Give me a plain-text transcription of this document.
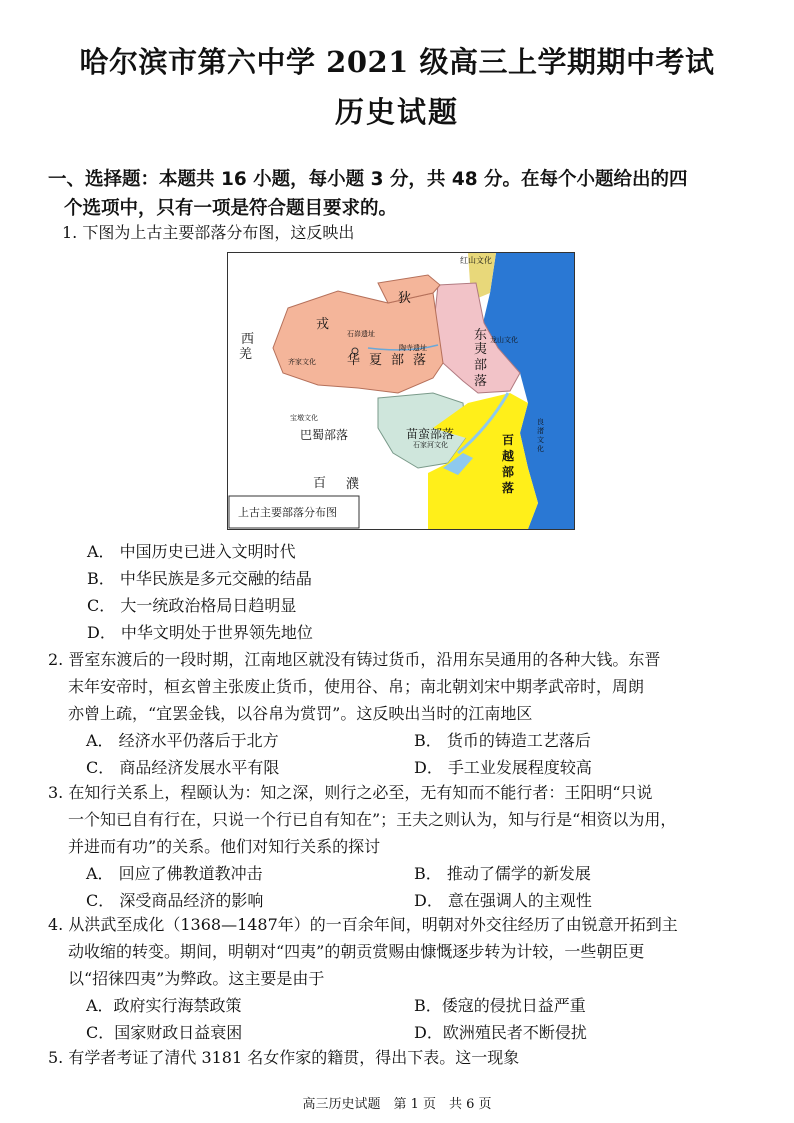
哈尔滨市第六中学 2021 级高三上学期期中考试
历史试题
一、选择题：本题共 16 小题，每小题 3 分，共 48 分。在每个小题给出的四
个选项中，只有一项是符合题目要求的。
1. 下图为上古主要部落分布图，这反映出
红山文化
狄
戎
西
羌
石峁遗址
陶寺遗址
齐家文化 华 夏 部 落
东 龙山文化
夷
部
落
宝墩文化
巴蜀部落	苗蛮部落
石家河文化
百 濮
良渚文化
百
越
部
落
上古主要部落分布图
A． 中国历史已进入文明时代
B． 中华民族是多元交融的结晶
C． 大一统政治格局日趋明显
D． 中华文明处于世界领先地位
2. 晋室东渡后的一段时期，江南地区就没有铸过货币，沿用东吴通用的各种大钱。东晋
末年安帝时，桓玄曾主张废止货币，使用谷、帛；南北朝刘宋中期孝武帝时，周朗
亦曾上疏，“宜罢金钱，以谷帛为赏罚”。这反映出当时的江南地区
A． 经济水平仍落后于北方	B． 货币的铸造工艺落后
C． 商品经济发展水平有限	D． 手工业发展程度较高
3. 在知行关系上，程颐认为：知之深，则行之必至，无有知而不能行者：王阳明“只说
一个知已自有行在，只说一个行已自有知在”；王夫之则认为，知与行是“相资以为用，
并进而有功”的关系。他们对知行关系的探讨
A． 回应了佛教道教冲击	B． 推动了儒学的新发展
C． 深受商品经济的影响	D． 意在强调人的主观性
4. 从洪武至成化（1368—1487年）的一百余年间，明朝对外交往经历了由锐意开拓到主
动收缩的转变。期间，明朝对“四夷”的朝贡赏赐由慷慨逐步转为计较，一些朝臣更
以“招徕四夷”为弊政。这主要是由于
A．政府实行海禁政策	B．倭寇的侵扰日益严重
C．国家财政日益衰困	D．欧洲殖民者不断侵扰
5. 有学者考证了清代 3181 名女作家的籍贯，得出下表。这一现象
高三历史试题　第 1 页　共 6 页
